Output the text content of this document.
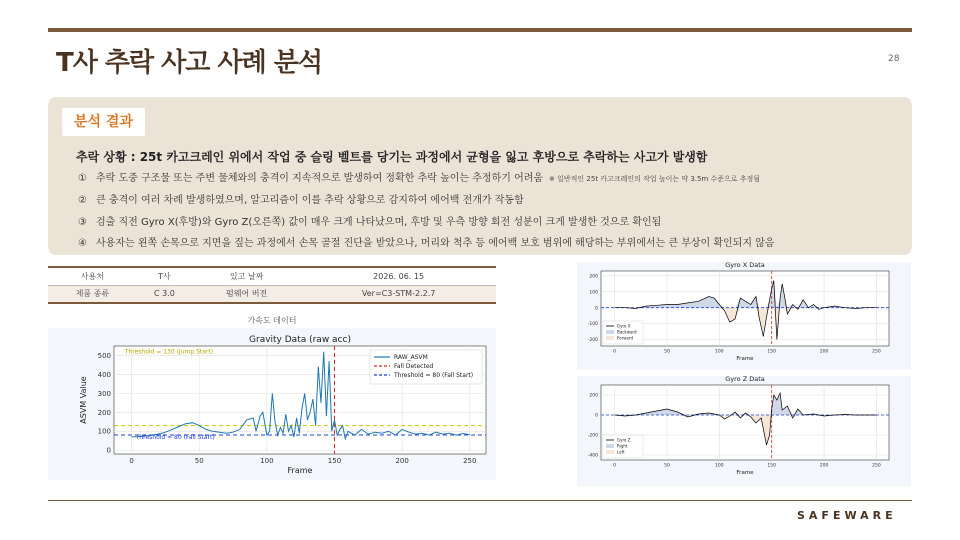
T사 추락 사고 사례 분석	28
분석 결과
추락 상황 : 25t 카고크레인 위에서 작업 중 슬링 벨트를 당기는 과정에서 균형을 잃고 후방으로 추락하는 사고가 발생함
① 추락 도중 구조물 또는 주변 물체와의 충격이 지속적으로 발생하여 정확한 추락 높이는 추정하기 어려움 ※ 일반적인 25t 카고크레인의 작업 높이는 약 3.5m 수준으로 추정됨
② 큰 충격이 여러 차례 발생하였으며, 알고리즘이 이를 추락 상황으로 감지하여 에어백 전개가 작동함
③ 검출 직전 Gyro X(후방)와 Gyro Z(오른쪽) 값이 매우 크게 나타났으며, 후방 및 우측 방향 회전 성분이 크게 발생한 것으로 확인됨
④ 사용자는 왼쪽 손목으로 지면을 짚는 과정에서 손목 골절 진단을 받았으나, 머리와 척추 등 에어백 보호 범위에 해당하는 부위에서는 큰 부상이 확인되지 않음
사용처	T사	있고 날짜	2026. 06. 15
제품 종류	C 3.0	펌웨어 버전	Ver=C3-STM-2.2.7
가속도 데이터
0	50	100	150	200	250
0
100
200
300
400
500
Gravity Data (raw acc)
Frame
ASVM Value
Threshold = 130 (Jump Start)
Threshold = 80 (Fall Start)
RAW_ASVM
Fall Detected
Threshold = 80 (Fall Start)
0	50	100	150	200	250
-200
-100
0
100
200
Gyro X Data
Frame
Gyro X
Backward
Forward
0	50	100	150	200	250
-400
-200
0
200
Gyro Z Data
Frame
Gyro Z
Right
Left
SAFEWARE
